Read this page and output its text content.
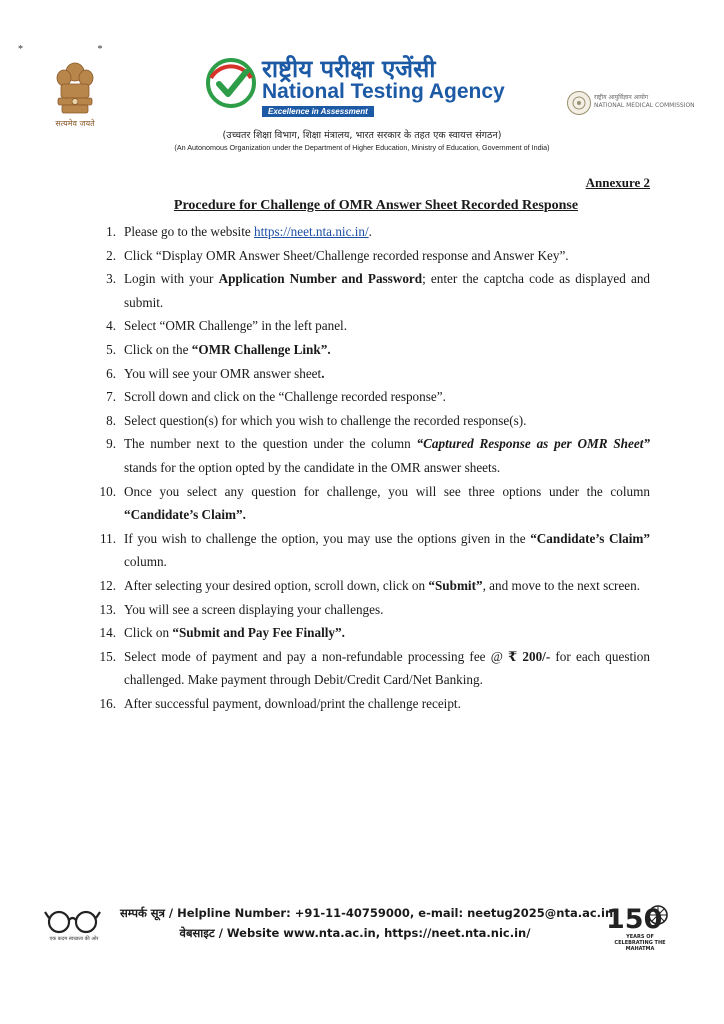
* *
सत्यमेव जयते
राष्ट्रीय परीक्षा एजेंसी
National Testing Agency
Excellence in Assessment
राष्ट्रीय आयुर्विज्ञान आयोग
NATIONAL MEDICAL COMMISSION
(उच्चतर शिक्षा विभाग, शिक्षा मंत्रालय, भारत सरकार के तहत एक स्वायत्त संगठन)
(An Autonomous Organization under the Department of Higher Education, Ministry of Education, Government of India)
Annexure 2
Procedure for Challenge of OMR Answer Sheet Recorded Response
1. Please go to the website https://neet.nta.nic.in/.
2. Click “Display OMR Answer Sheet/Challenge recorded response and Answer Key”.
3. Login with your Application Number and Password; enter the captcha code as displayed and submit.
4. Select “OMR Challenge” in the left panel.
5. Click on the “OMR Challenge Link”.
6. You will see your OMR answer sheet.
7. Scroll down and click on the “Challenge recorded response”.
8. Select question(s) for which you wish to challenge the recorded response(s).
9. The number next to the question under the column “Captured Response as per OMR Sheet” stands for the option opted by the candidate in the OMR answer sheets.
10. Once you select any question for challenge, you will see three options under the column “Candidate’s Claim”.
11. If you wish to challenge the option, you may use the options given in the “Candidate’s Claim” column.
12. After selecting your desired option, scroll down, click on “Submit”, and move to the next screen.
13. You will see a screen displaying your challenges.
14. Click on “Submit and Pay Fee Finally”.
15. Select mode of payment and pay a non-refundable processing fee @ ₹ 200/- for each question challenged. Make payment through Debit/Credit Card/Net Banking.
16. After successful payment, download/print the challenge receipt.
एक कदम स्वच्छता की ओर
सम्पर्क सूत्र / Helpline Number: +91-11-40759000, e-mail: neetug2025@nta.ac.in
वेबसाइट / Website www.nta.ac.in, https://neet.nta.nic.in/	150
YEARS OF CELEBRATING THE MAHATMA
